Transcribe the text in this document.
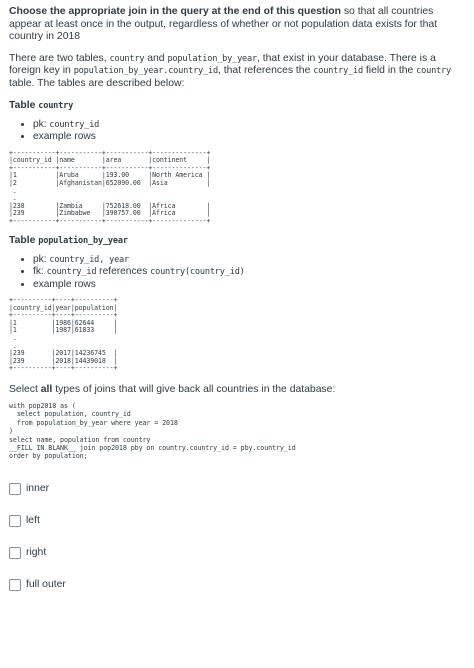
Choose the appropriate join in the query at the end of this question so that all countries appear at least once in the output, regardless of whether or not population data exists for that country in 2018

There are two tables, country and population_by_year, that exist in your database. There is a foreign key in population_by_year.country_id, that references the country_id field in the country table. The tables are described below:

Table country

• pk: country_id
• example rows
+-----------+-----------+-----------+--------------+
|country_id |name       |area       |continent     |
+-----------+-----------+-----------+--------------+
|1          |Aruba      |193.00     |North America |
|2          |Afghanistan|652090.00  |Asia          |
.
.
|238        |Zambia     |752618.00  |Africa        |
|239        |Zimbabwe   |390757.00  |Africa        |
+-----------+-----------+-----------+--------------+

Table population_by_year

• pk: country_id, year
• fk: country_id references country(country_id)
• example rows
+----------+----+----------+
|country_id|year|population|
+----------+----+----------+
|1         |1986|62644     |
|1         |1987|61833     |
.
.
|239       |2017|14236745  |
|239       |2018|14439018  |
+----------+----+----------+

Select all types of joins that will give back all countries in the database:

with pop2018 as (
select population, country_id
from population_by_year where year = 2018
)
select name, population from country
__FILL IN BLANK__ join pop2018 pby on country.country_id = pby.country_id
order by population;
inner
left
right
full outer
